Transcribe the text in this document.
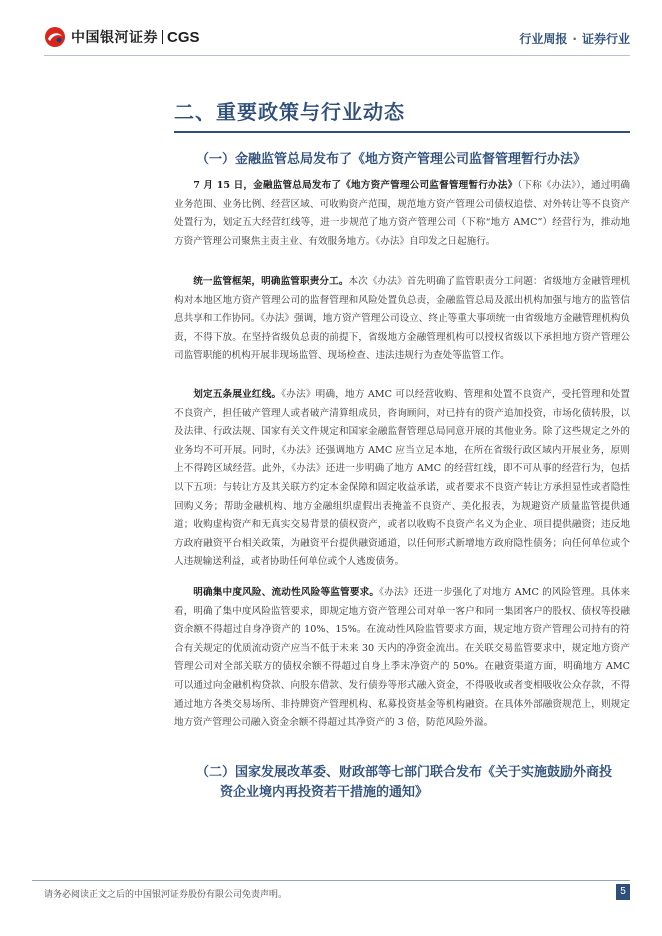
中国银河证券 CGS	行业周报 · 证券行业
二、重要政策与行业动态
（一）金融监管总局发布了《地方资产管理公司监督管理暂行办法》

7 月 15 日，金融监管总局发布了《地方资产管理公司监督管理暂行办法》（下称《办法》），通过明确业务范围、业务比例、经营区域、可收购资产范围，规范地方资产管理公司债权追偿、对外转让等不良资产处置行为，划定五大经营红线等，进一步规范了地方资产管理公司（下称“地方 AMC”）经营行为，推动地方资产管理公司聚焦主责主业、有效服务地方。《办法》自印发之日起施行。

统一监管框架，明确监管职责分工。本次《办法》首先明确了监管职责分工问题：省级地方金融管理机构对本地区地方资产管理公司的监督管理和风险处置负总责，金融监管总局及派出机构加强与地方的监管信息共享和工作协同。《办法》强调，地方资产管理公司设立、终止等重大事项统一由省级地方金融管理机构负责，不得下放。在坚持省级负总责的前提下，省级地方金融管理机构可以授权省级以下承担地方资产管理公司监管职能的机构开展非现场监管、现场检查、违法违规行为查处等监管工作。

划定五条展业红线。《办法》明确，地方 AMC 可以经营收购、管理和处置不良资产，受托管理和处置不良资产，担任破产管理人或者破产清算组成员，咨询顾问，对已持有的资产追加投资，市场化债转股，以及法律、行政法规、国家有关文件规定和国家金融监督管理总局同意开展的其他业务。除了这些规定之外的业务均不可开展。同时，《办法》还强调地方 AMC 应当立足本地，在所在省级行政区域内开展业务，原则上不得跨区域经营。此外，《办法》还进一步明确了地方 AMC 的经营红线，即不可从事的经营行为，包括以下五项：与转让方及其关联方约定本金保障和固定收益承诺，或者要求不良资产转让方承担显性或者隐性回购义务；帮助金融机构、地方金融组织虚假出表掩盖不良资产、美化报表，为规避资产质量监管提供通道；收购虚构资产和无真实交易背景的债权资产，或者以收购不良资产名义为企业、项目提供融资；违反地方政府融资平台相关政策，为融资平台提供融资通道，以任何形式新增地方政府隐性债务；向任何单位或个人违规输送利益，或者协助任何单位或个人逃废债务。

明确集中度风险、流动性风险等监管要求。《办法》还进一步强化了对地方 AMC 的风险管理。具体来看，明确了集中度风险监管要求，即规定地方资产管理公司对单一客户和同一集团客户的股权、债权等投融资余额不得超过自身净资产的 10%、15%。在流动性风险监管要求方面，规定地方资产管理公司持有的符合有关规定的优质流动资产应当不低于未来 30 天内的净资金流出。在关联交易监管要求中，规定地方资产管理公司对全部关联方的债权余额不得超过自身上季末净资产的 50%。在融资渠道方面，明确地方 AMC 可以通过向金融机构贷款、向股东借款、发行债券等形式融入资金，不得吸收或者变相吸收公众存款，不得通过地方各类交易场所、非持牌资产管理机构、私募投资基金等机构融资。在具体外部融资规范上，则规定地方资产管理公司融入资金余额不得超过其净资产的 3 倍，防范风险外溢。

（二）国家发展改革委、财政部等七部门联合发布《关于实施鼓励外商投
资企业境内再投资若干措施的通知》
请务必阅读正文之后的中国银河证券股份有限公司免责声明。	5
